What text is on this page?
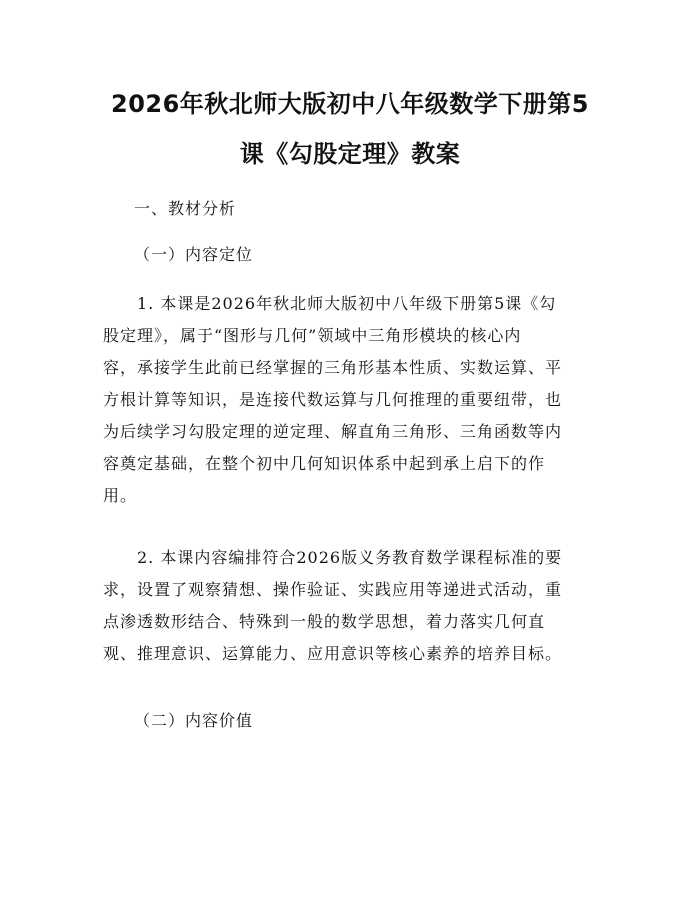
2026年秋北师大版初中八年级数学下册第5
课《勾股定理》教案
一、教材分析
（一）内容定位
1. 本课是2026年秋北师大版初中八年级下册第5课《勾
股定理》，属于“图形与几何”领域中三角形模块的核心内
容，承接学生此前已经掌握的三角形基本性质、实数运算、平
方根计算等知识，是连接代数运算与几何推理的重要纽带，也
为后续学习勾股定理的逆定理、解直角三角形、三角函数等内
容奠定基础，在整个初中几何知识体系中起到承上启下的作
用。
2. 本课内容编排符合2026版义务教育数学课程标准的要
求，设置了观察猜想、操作验证、实践应用等递进式活动，重
点渗透数形结合、特殊到一般的数学思想，着力落实几何直
观、推理意识、运算能力、应用意识等核心素养的培养目标。
（二）内容价值
